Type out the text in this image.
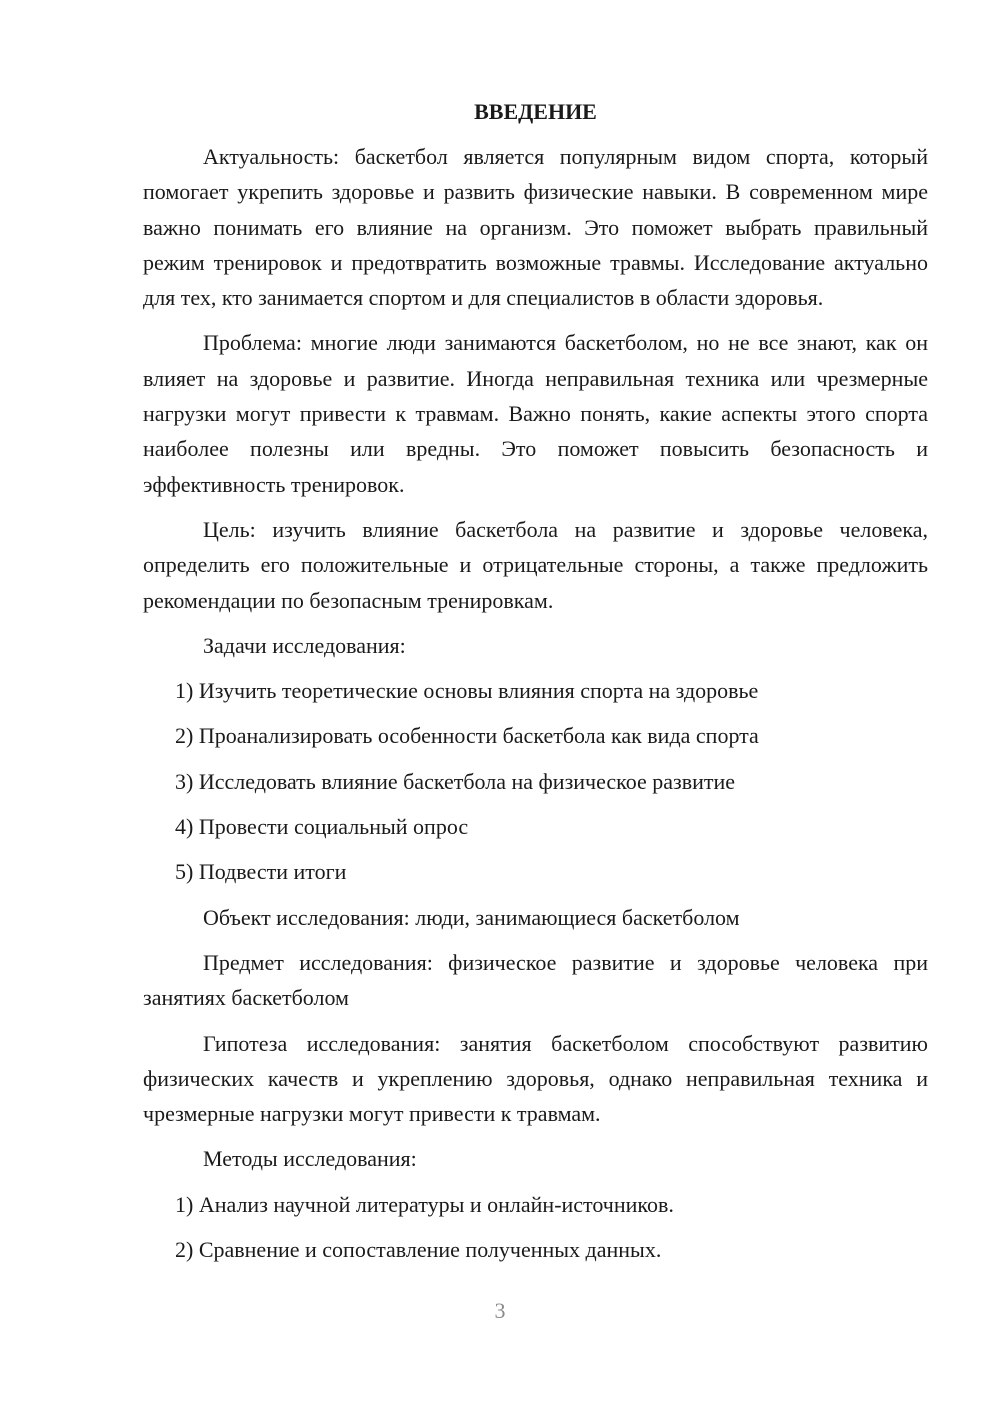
ВВЕДЕНИЕ

Актуальность: баскетбол является популярным видом спорта, который помогает укрепить здоровье и развить физические навыки. В современном мире важно понимать его влияние на организм. Это поможет выбрать правильный режим тренировок и предотвратить возможные травмы. Исследование актуально для тех, кто занимается спортом и для специалистов в области здоровья.

Проблема: многие люди занимаются баскетболом, но не все знают, как он влияет на здоровье и развитие. Иногда неправильная техника или чрезмерные нагрузки могут привести к травмам. Важно понять, какие аспекты этого спорта наиболее полезны или вредны. Это поможет повысить безопасность и эффективность тренировок.

Цель: изучить влияние баскетбола на развитие и здоровье человека, определить его положительные и отрицательные стороны, а также предложить рекомендации по безопасным тренировкам.

Задачи исследования:

1) Изучить теоретические основы влияния спорта на здоровье
2) Проанализировать особенности баскетбола как вида спорта
3) Исследовать влияние баскетбола на физическое развитие
4) Провести социальный опрос
5) Подвести итоги

Объект исследования: люди, занимающиеся баскетболом

Предмет исследования: физическое развитие и здоровье человека при занятиях баскетболом

Гипотеза исследования: занятия баскетболом способствуют развитию физических качеств и укреплению здоровья, однако неправильная техника и чрезмерные нагрузки могут привести к травмам.

Методы исследования:

1) Анализ научной литературы и онлайн-источников.
2) Сравнение и сопоставление полученных данных.
3
